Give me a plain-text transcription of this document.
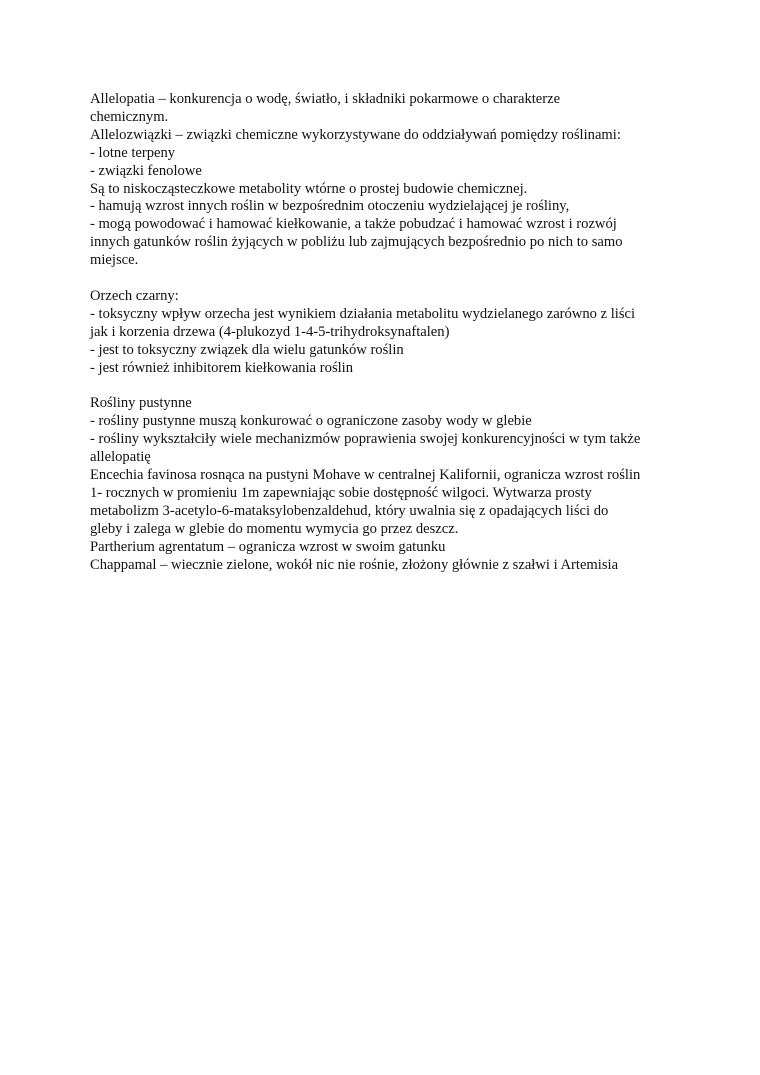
Allelopatia – konkurencja o wodę, światło, i składniki pokarmowe o charakterze
chemicznym.
Allelozwiązki – związki chemiczne wykorzystywane do oddziaływań pomiędzy roślinami:
- lotne terpeny
- związki fenolowe
Są to niskocząsteczkowe metabolity wtórne o prostej budowie chemicznej.
- hamują wzrost innych roślin w bezpośrednim otoczeniu wydzielającej je rośliny,
- mogą powodować i hamować kiełkowanie, a także pobudzać i hamować wzrost i rozwój
innych gatunków roślin żyjących w pobliżu lub zajmujących bezpośrednio po nich to samo
miejsce.
Orzech czarny:
- toksyczny wpływ orzecha jest wynikiem działania metabolitu wydzielanego zarówno z liści
jak i korzenia drzewa (4-plukozyd 1-4-5-trihydroksynaftalen)
- jest to toksyczny związek dla wielu gatunków roślin
- jest również inhibitorem kiełkowania roślin
Rośliny pustynne
- rośliny pustynne muszą konkurować o ograniczone zasoby wody w glebie
- rośliny wykształciły wiele mechanizmów poprawienia swojej konkurencyjności w tym także
allelopatię
Encechia favinosa rosnąca na pustyni Mohave w centralnej Kalifornii, ogranicza wzrost roślin
1- rocznych w promieniu 1m zapewniając sobie dostępność wilgoci. Wytwarza prosty
metabolizm 3-acetylo-6-mataksylobenzaldehud, który uwalnia się z opadających liści do
gleby i zalega w glebie do momentu wymycia go przez deszcz.
Partherium agrentatum – ogranicza wzrost w swoim gatunku
Chappamal – wiecznie zielone, wokół nic nie rośnie, złożony głównie z szałwi i Artemisia
